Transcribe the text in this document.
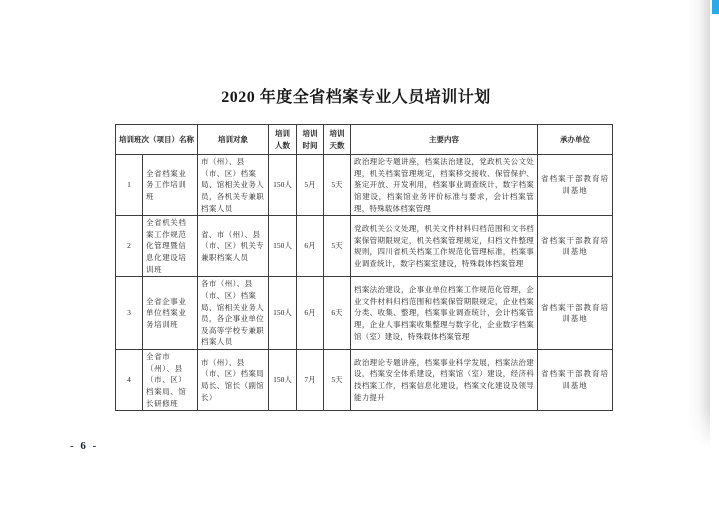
2020 年度全省档案专业人员培训计划
培训班次（项目）名称		培训对象	培训人数	培训时间	培训天数	主要内容	承办单位
1	全省档案业务工作培训班	市（州）、县（市、区）档案局、馆相关业务人员，各机关专兼职档案人员	150人	5月	5天	政治理论专题讲座，档案法治建设，党政机关公文处理，机关档案管理规定，档案移交接收、保管保护、鉴定开放、开发利用，档案事业调查统计，数字档案馆建设，档案馆业务评价标准与要求，会计档案管理，特殊载体档案管理	省档案干部教育培训基地
2	全省机关档案工作规范化管理暨信息化建设培训班	省、市（州）、县（市、区）机关专兼职档案人员	150人	6月	5天	党政机关公文处理，机关文件材料归档范围和文书档案保管期限规定，机关档案管理规定，归档文件整理规则，四川省机关档案工作规范化管理标准，档案事业调查统计，数字档案室建设，特殊载体档案管理	省档案干部教育培训基地
3	全省企事业单位档案业务培训班	各市（州）、县（市、区）档案局、馆相关业务人员，各企事业单位及高等学校专兼职档案人员	150人	6月	6天	档案法治建设，企事业单位档案工作规范化管理，企业文件材料归档范围和档案保管期限规定，企业档案分类、收集、整理，档案事业调查统计，会计档案管理，企业人事档案收集整理与数字化，企业数字档案馆（室）建设，特殊载体档案管理	省档案干部教育培训基地
4	全省市（州）、县（市、区）档案局、馆长研修班	市（州）、县（市、区）档案局局长、馆长（副馆长）	150人	7月	5天	政治理论专题讲座，档案事业科学发展，档案法治建设，档案安全体系建设，档案馆（室）建设，经济科技档案工作，档案信息化建设，档案文化建设及领导能力提升	省档案干部教育培训基地
- 6 -
